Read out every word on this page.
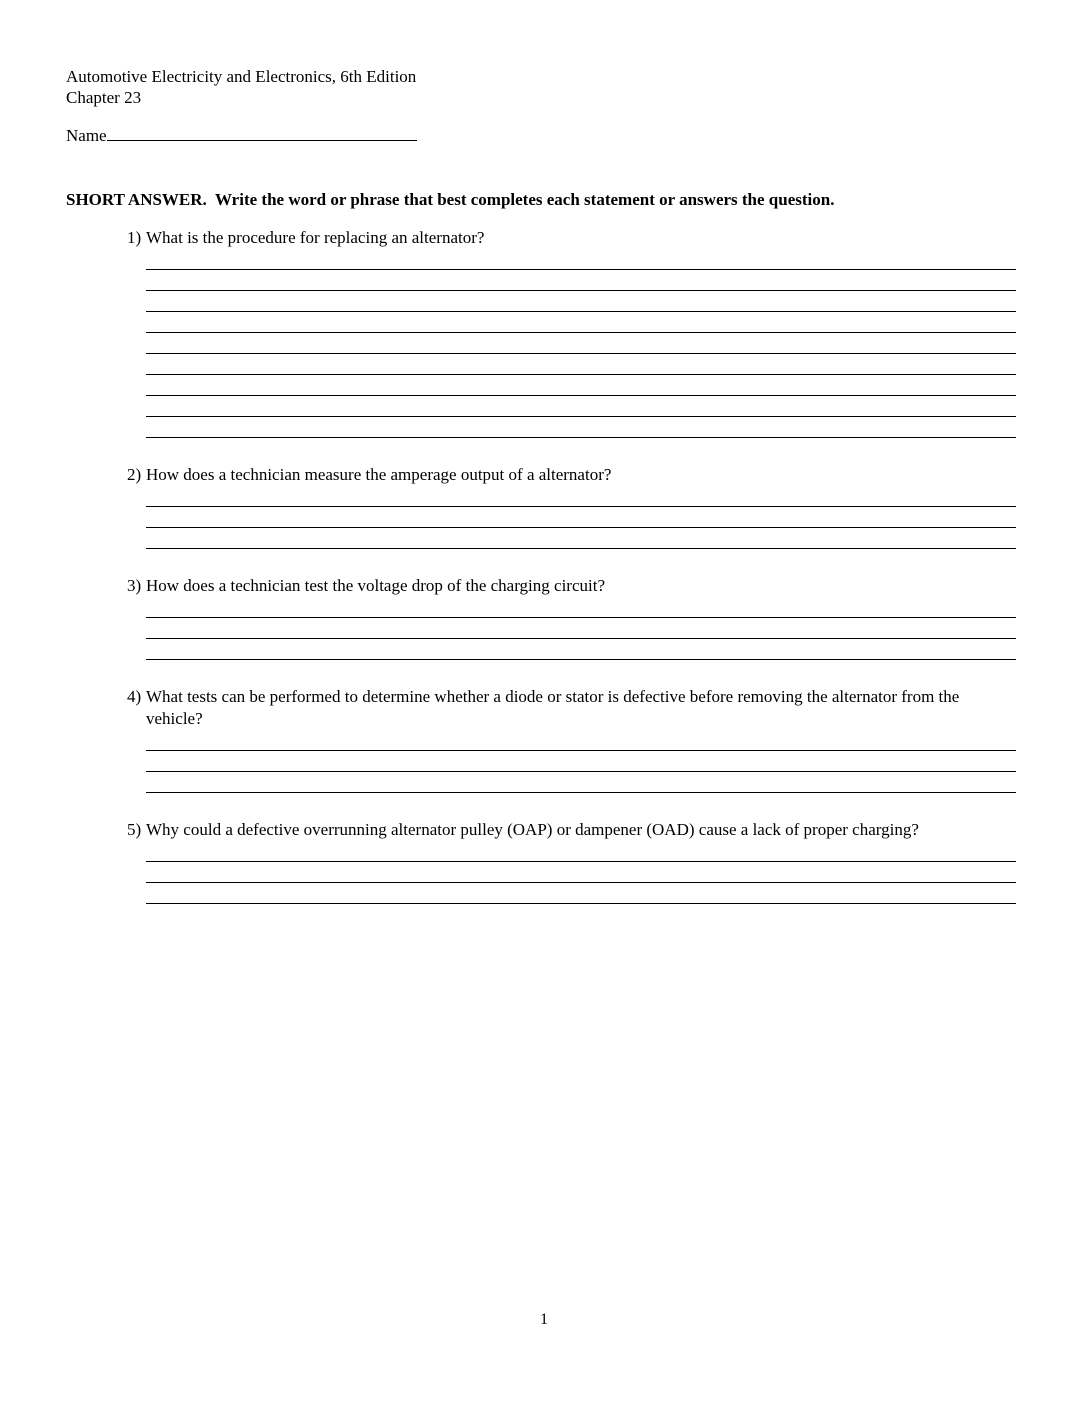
Automotive Electricity and Electronics, 6th Edition
Chapter 23
Name
SHORT ANSWER.  Write the word or phrase that best completes each statement or answers the question.
1) What is the procedure for replacing an alternator?
2) How does a technician measure the amperage output of a alternator?
3) How does a technician test the voltage drop of the charging circuit?
4) What tests can be performed to determine whether a diode or stator is defective before removing the alternator from the vehicle?
5) Why could a defective overrunning alternator pulley (OAP) or dampener (OAD) cause a lack of proper charging?
1
